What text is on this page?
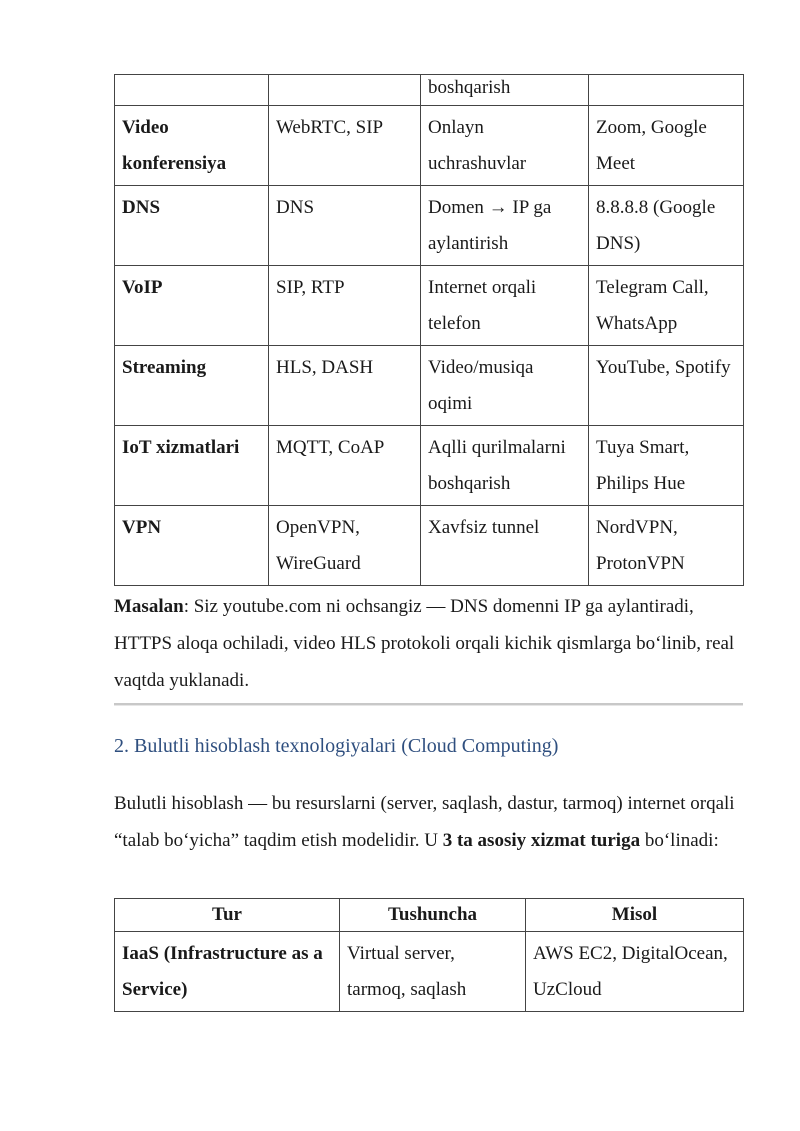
		boshqarish	
Video konferensiya	WebRTC, SIP	Onlayn uchrashuvlar	Zoom, Google Meet
DNS	DNS	Domen → IP ga aylantirish	8.8.8.8 (Google DNS)
VoIP	SIP, RTP	Internet orqali telefon	Telegram Call, WhatsApp
Streaming	HLS, DASH	Video/musiqa oqimi	YouTube, Spotify
IoT xizmatlari	MQTT, CoAP	Aqlli qurilmalarni boshqarish	Tuya Smart, Philips Hue
VPN	OpenVPN, WireGuard	Xavfsiz tunnel	NordVPN, ProtonVPN

Masalan: Siz youtube.com ni ochsangiz — DNS domenni IP ga aylantiradi, HTTPS aloqa ochiladi, video HLS protokoli orqali kichik qismlarga bo‘linib, real vaqtda yuklanadi.

2. Bulutli hisoblash texnologiyalari (Cloud Computing)

Bulutli hisoblash — bu resurslarni (server, saqlash, dastur, tarmoq) internet orqali “talab bo‘yicha” taqdim etish modelidir. U 3 ta asosiy xizmat turiga bo‘linadi:

Tur	Tushuncha	Misol
IaaS (Infrastructure as a Service)	Virtual server, tarmoq, saqlash	AWS EC2, DigitalOcean, UzCloud
